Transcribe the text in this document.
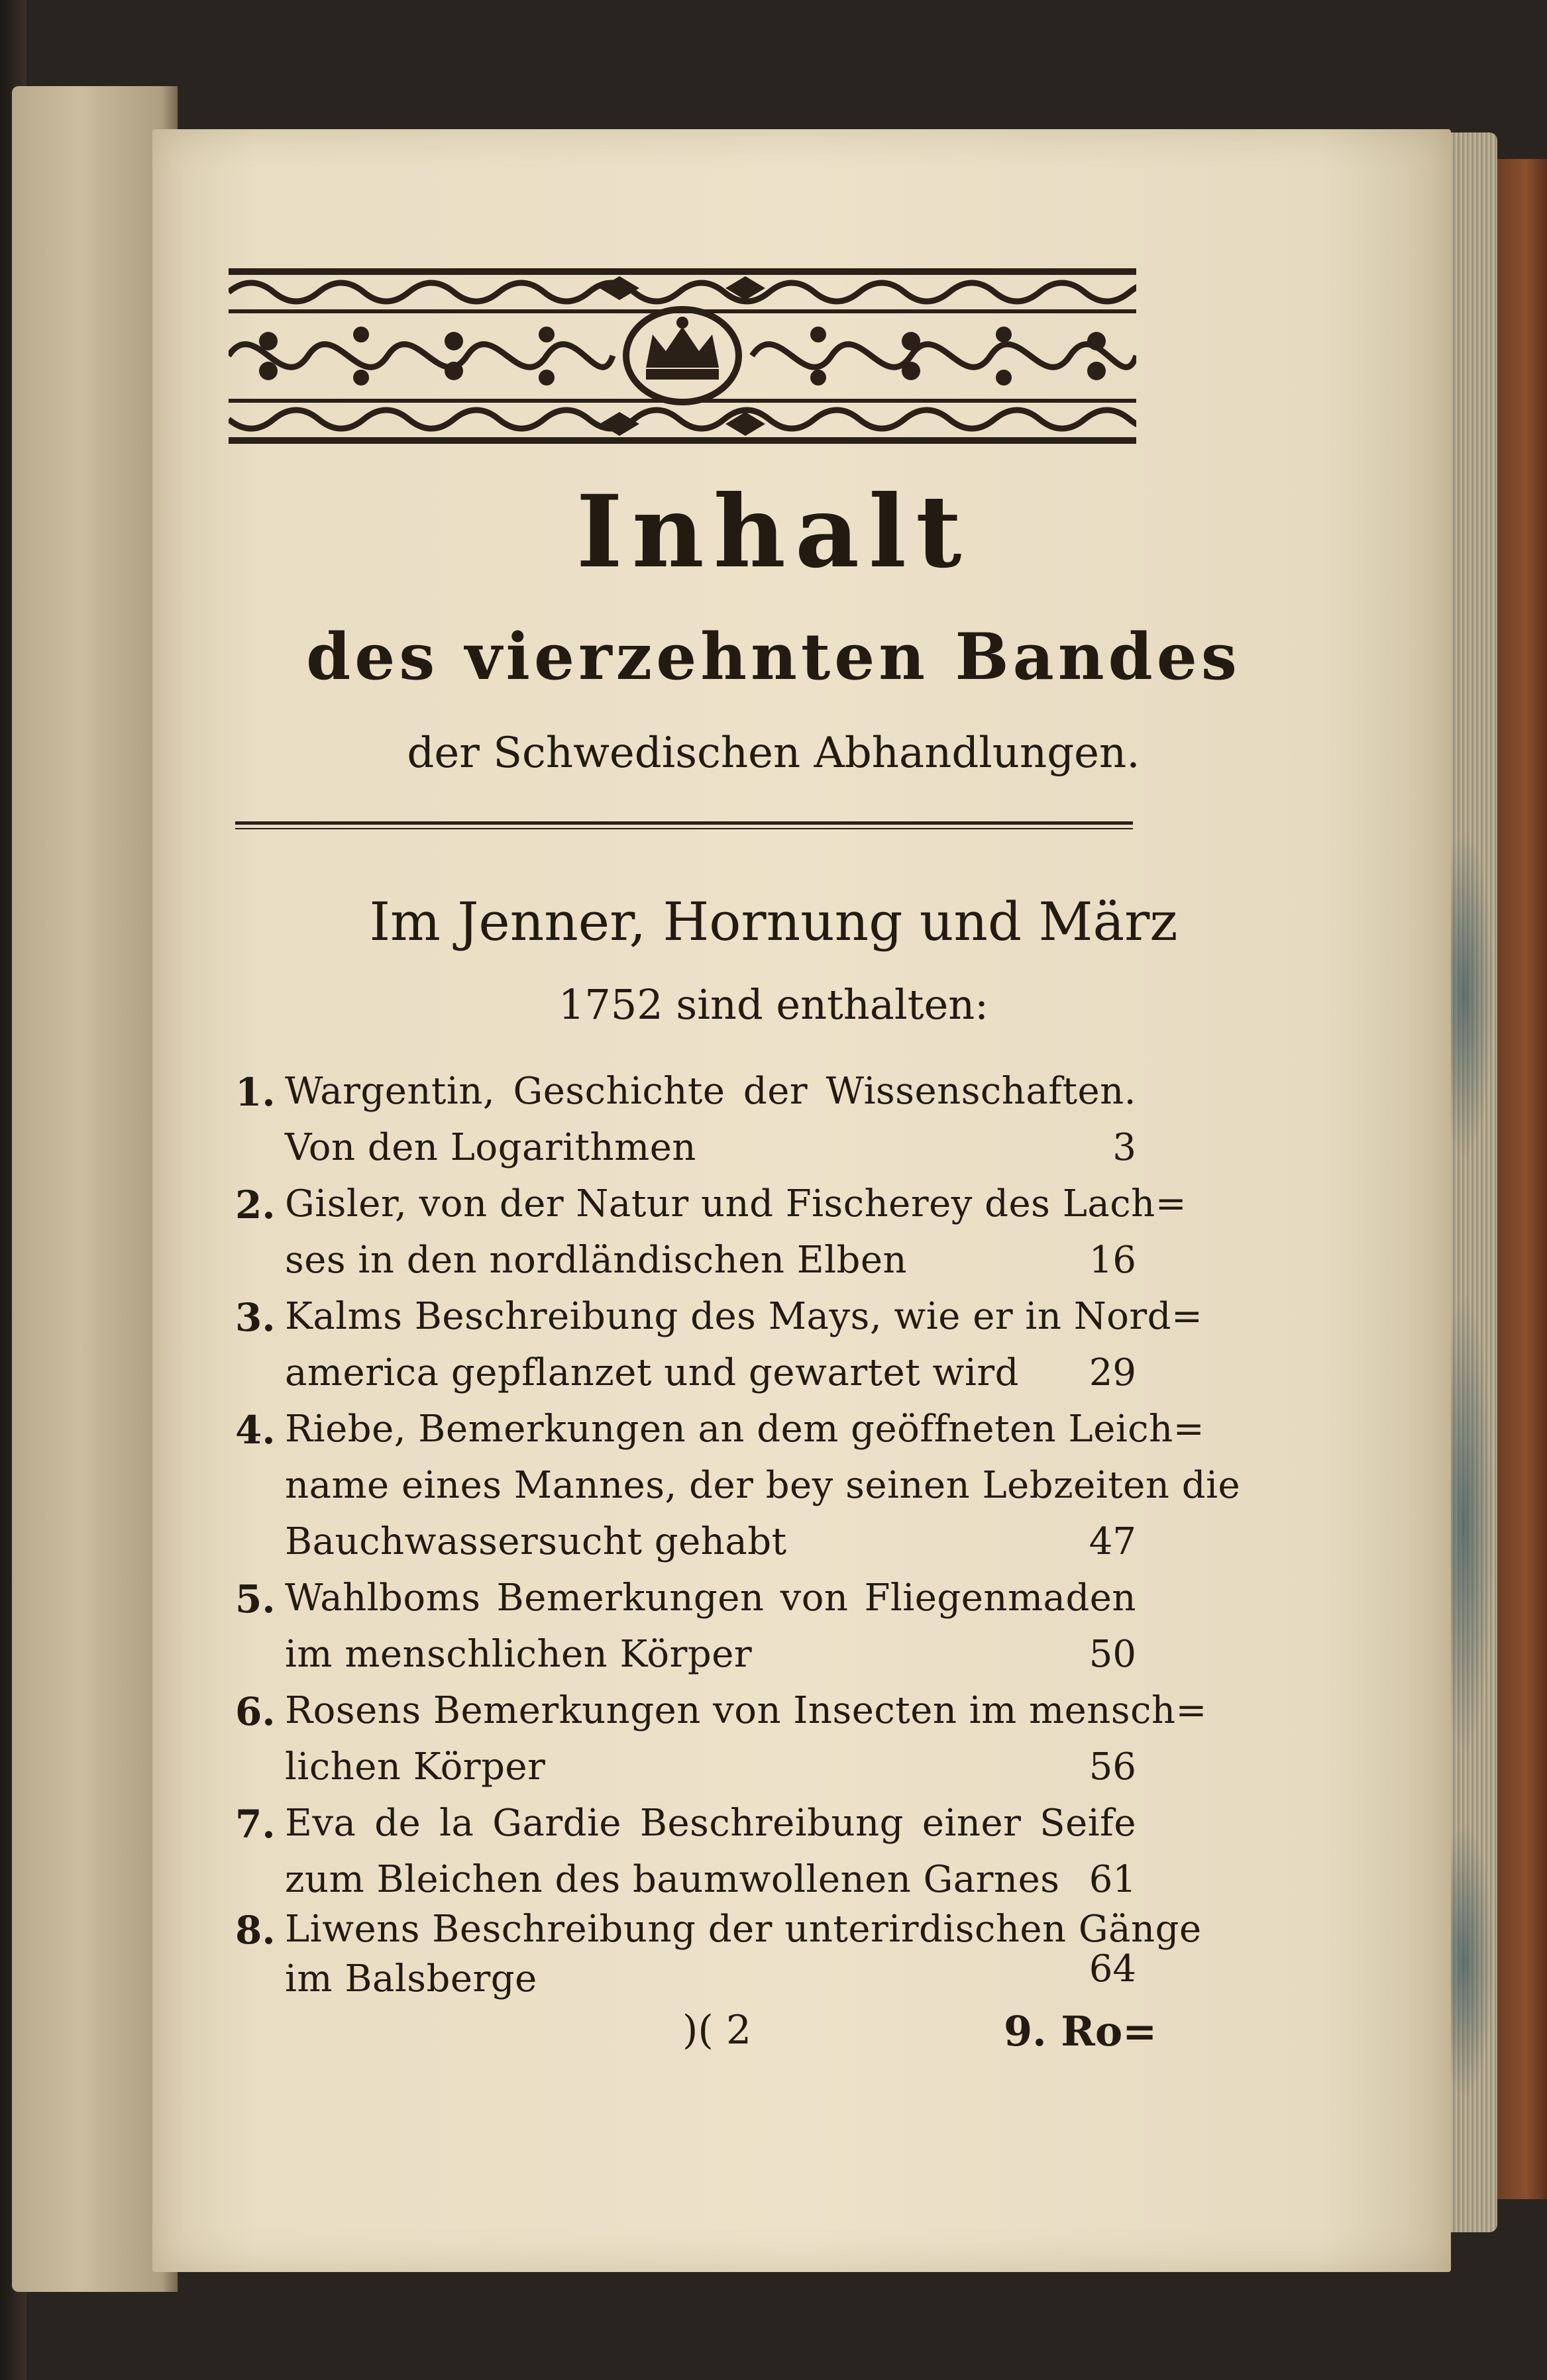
Inhalt
des vierzehnten Bandes
der Schwedischen Abhandlungen.
Im Jenner, Hornung und März
1752 sind enthalten:
1. Wargentin, Geschichte der Wissenschaften.
Von den Logarithmen	3
2. Gisler, von der Natur und Fischerey des Lach=
ses in den nordländischen Elben	16
3. Kalms Beschreibung des Mays, wie er in Nord=
america gepflanzet und gewartet wird	29
4. Riebe, Bemerkungen an dem geöffneten Leich=
name eines Mannes, der bey seinen Lebzeiten die
Bauchwassersucht gehabt	47
5. Wahlboms Bemerkungen von Fliegenmaden
im menschlichen Körper	50
6. Rosens Bemerkungen von Insecten im mensch=
lichen Körper	56
7. Eva de la Gardie Beschreibung einer Seife
zum Bleichen des baumwollenen Garnes 61
8. Liwens Beschreibung der unterirdischen Gänge
im Balsberge	64
)( 2	9. Ro=
